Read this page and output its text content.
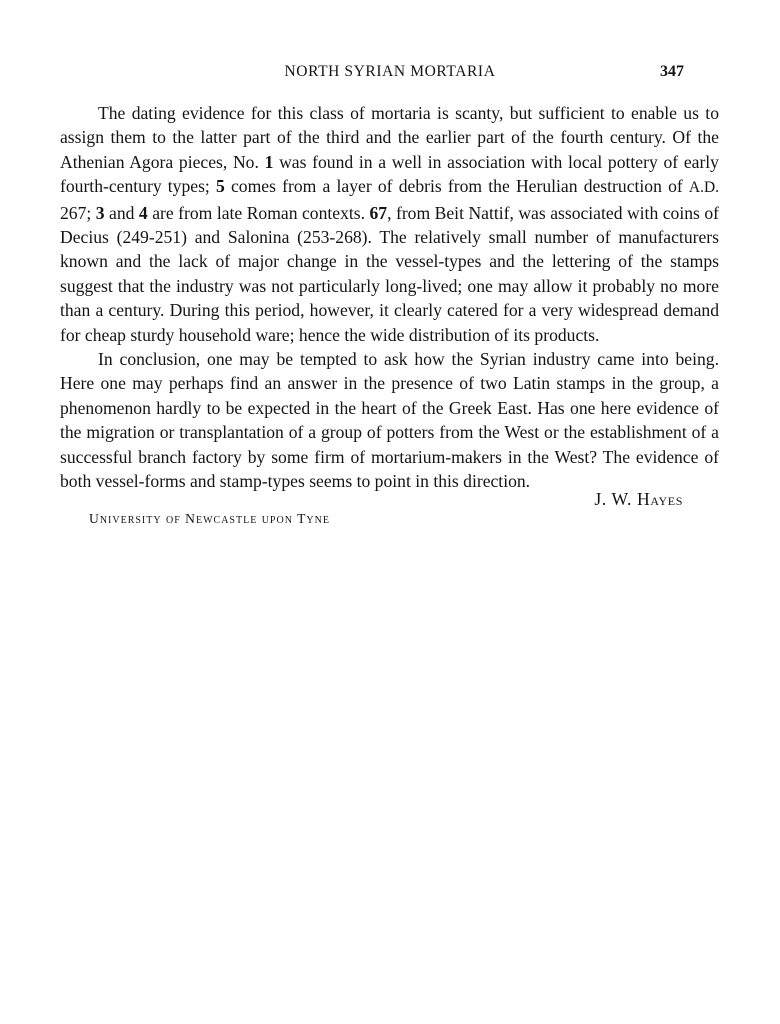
NORTH SYRIAN MORTARIA	347

The dating evidence for this class of mortaria is scanty, but sufficient to enable us to assign them to the latter part of the third and the earlier part of the fourth century. Of the Athenian Agora pieces, No. 1 was found in a well in association with local pottery of early fourth-century types; 5 comes from a layer of debris from the Herulian destruction of A.D. 267; 3 and 4 are from late Roman contexts. 67, from Beit Nattif, was associated with coins of Decius (249-251) and Salonina (253-268). The relatively small number of manufacturers known and the lack of major change in the vessel-types and the lettering of the stamps suggest that the industry was not particularly long-lived; one may allow it probably no more than a century. During this period, however, it clearly catered for a very widespread demand for cheap sturdy household ware; hence the wide distribution of its products.

In conclusion, one may be tempted to ask how the Syrian industry came into being. Here one may perhaps find an answer in the presence of two Latin stamps in the group, a phenomenon hardly to be expected in the heart of the Greek East. Has one here evidence of the migration or transplantation of a group of potters from the West or the establishment of a successful branch factory by some firm of mortarium-makers in the West? The evidence of both vessel-forms and stamp-types seems to point in this direction.

J. W. Hayes
University of Newcastle upon Tyne
